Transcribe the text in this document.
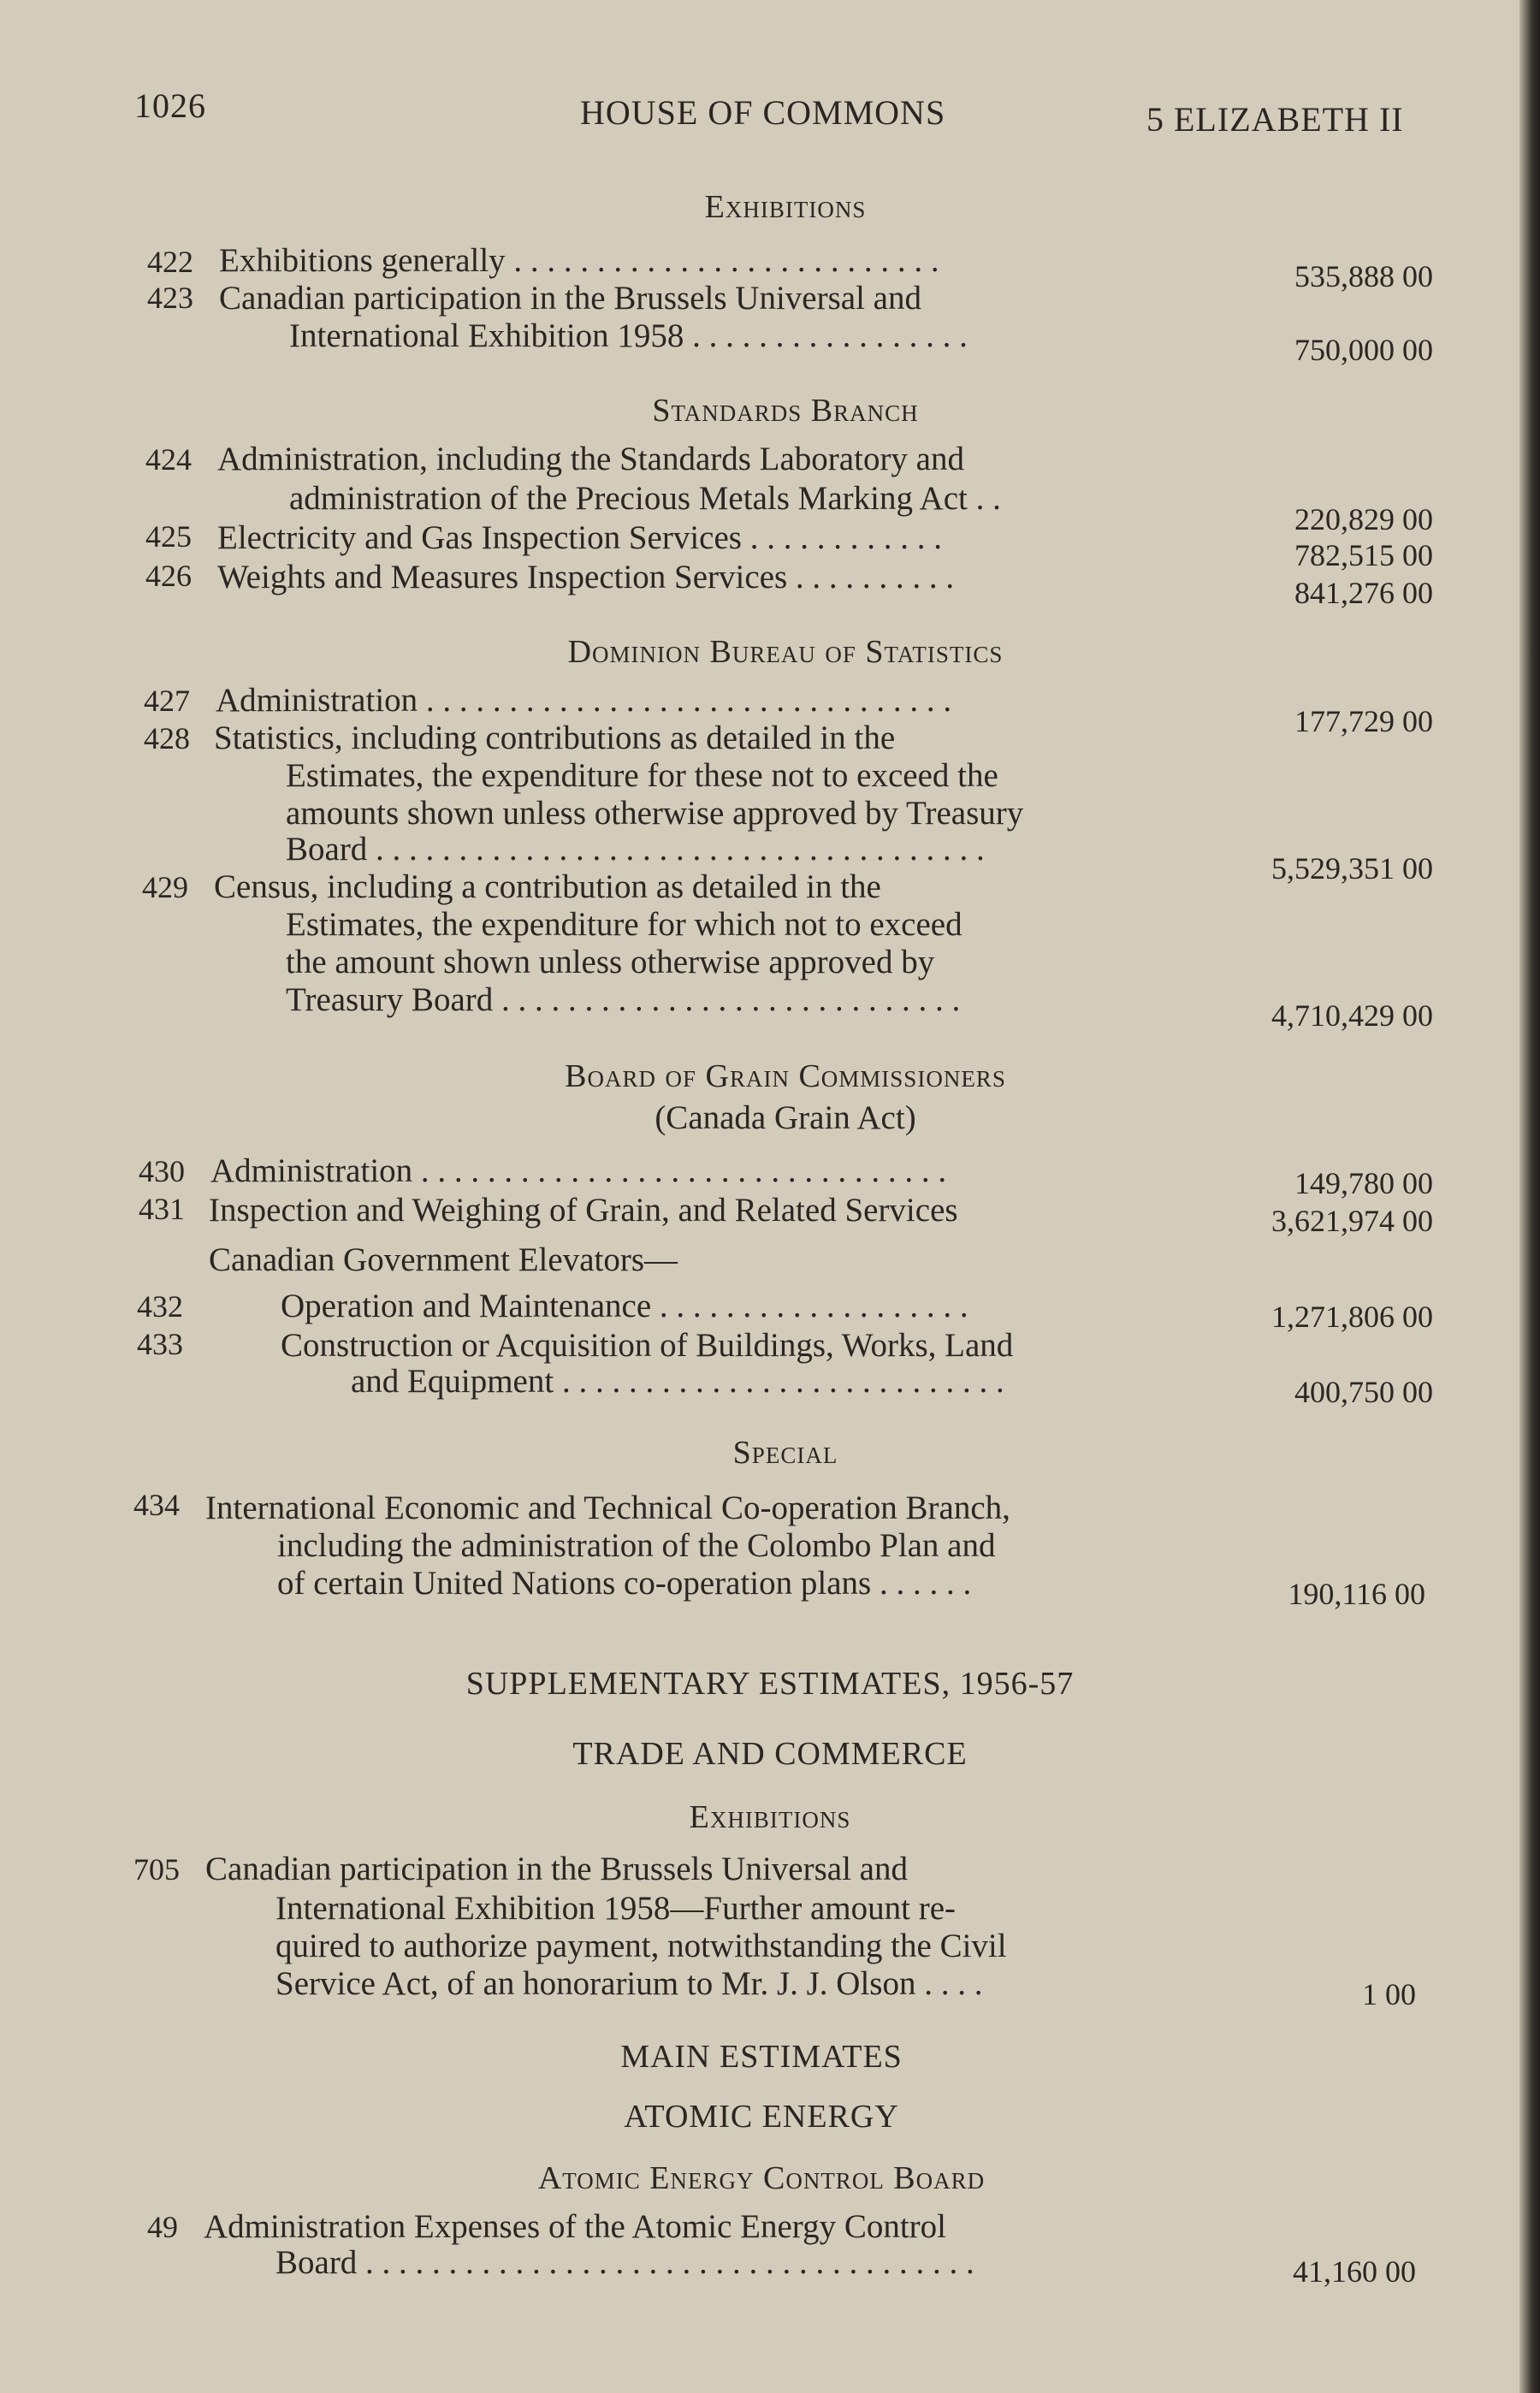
1026	HOUSE OF COMMONS	5 ELIZABETH II
Exhibitions
422 Exhibitions generally . . . . . . . . . . . . . . . . . . . . . . . . . .	535,888 00
423 Canadian participation in the Brussels Universal and
International Exhibition 1958 . . . . . . . . . . . . . . . . .	750,000 00
Standards Branch
424 Administration, including the Standards Laboratory and
administration of the Precious Metals Marking Act . .
220,829 00
425 Electricity and Gas Inspection Services . . . . . . . . . . . .	782,515 00
426 Weights and Measures Inspection Services . . . . . . . . . .	841,276 00
Dominion Bureau of Statistics
427 Administration . . . . . . . . . . . . . . . . . . . . . . . . . . . . . . . .
177,729 00
428 Statistics, including contributions as detailed in the
Estimates, the expenditure for these not to exceed the
amounts shown unless otherwise approved by Treasury
Board . . . . . . . . . . . . . . . . . . . . . . . . . . . . . . . . . . . . .
5,529,351 00
429 Census, including a contribution as detailed in the
Estimates, the expenditure for which not to exceed
the amount shown unless otherwise approved by
Treasury Board . . . . . . . . . . . . . . . . . . . . . . . . . . . .	4,710,429 00
Board of Grain Commissioners
(Canada Grain Act)
430 Administration . . . . . . . . . . . . . . . . . . . . . . . . . . . . . . . .	149,780 00
431 Inspection and Weighing of Grain, and Related Services	3,621,974 00
Canadian Government Elevators—
432	Operation and Maintenance . . . . . . . . . . . . . . . . . . .	1,271,806 00
433	Construction or Acquisition of Buildings, Works, Land
and Equipment . . . . . . . . . . . . . . . . . . . . . . . . . . .	400,750 00
Special
434 International Economic and Technical Co-operation Branch,
including the administration of the Colombo Plan and
of certain United Nations co-operation plans . . . . . .	190,116 00
SUPPLEMENTARY ESTIMATES, 1956-57
TRADE AND COMMERCE
Exhibitions
705 Canadian participation in the Brussels Universal and
International Exhibition 1958—Further amount re-
quired to authorize payment, notwithstanding the Civil
Service Act, of an honorarium to Mr. J. J. Olson . . . .	1 00
MAIN ESTIMATES
ATOMIC ENERGY
Atomic Energy Control Board
49 Administration Expenses of the Atomic Energy Control
Board . . . . . . . . . . . . . . . . . . . . . . . . . . . . . . . . . . . . .	41,160 00
